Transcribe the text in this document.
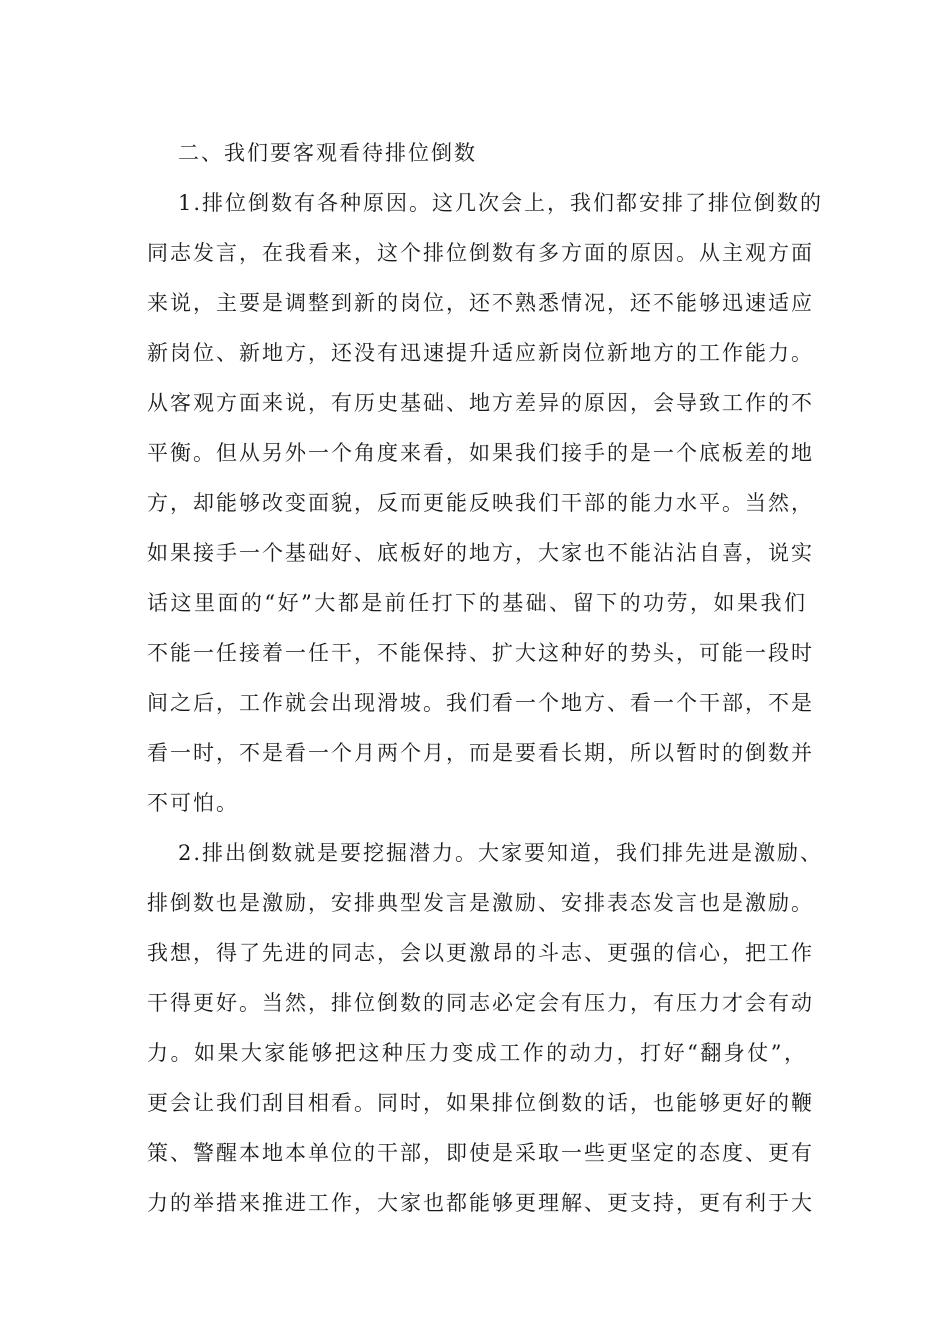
二、我们要客观看待排位倒数
1.排位倒数有各种原因。这几次会上，我们都安排了排位倒数的
同志发言，在我看来，这个排位倒数有多方面的原因。从主观方面
来说，主要是调整到新的岗位，还不熟悉情况，还不能够迅速适应
新岗位、新地方，还没有迅速提升适应新岗位新地方的工作能力。
从客观方面来说，有历史基础、地方差异的原因，会导致工作的不
平衡。但从另外一个角度来看，如果我们接手的是一个底板差的地
方，却能够改变面貌，反而更能反映我们干部的能力水平。当然，
如果接手一个基础好、底板好的地方，大家也不能沾沾自喜，说实
话这里面的“好”大都是前任打下的基础、留下的功劳，如果我们
不能一任接着一任干，不能保持、扩大这种好的势头，可能一段时
间之后，工作就会出现滑坡。我们看一个地方、看一个干部，不是
看一时，不是看一个月两个月，而是要看长期，所以暂时的倒数并
不可怕。
2.排出倒数就是要挖掘潜力。大家要知道，我们排先进是激励、
排倒数也是激励，安排典型发言是激励、安排表态发言也是激励。
我想，得了先进的同志，会以更激昂的斗志、更强的信心，把工作
干得更好。当然，排位倒数的同志必定会有压力，有压力才会有动
力。如果大家能够把这种压力变成工作的动力，打好“翻身仗”，
更会让我们刮目相看。同时，如果排位倒数的话，也能够更好的鞭
策、警醒本地本单位的干部，即使是采取一些更坚定的态度、更有
力的举措来推进工作，大家也都能够更理解、更支持，更有利于大
